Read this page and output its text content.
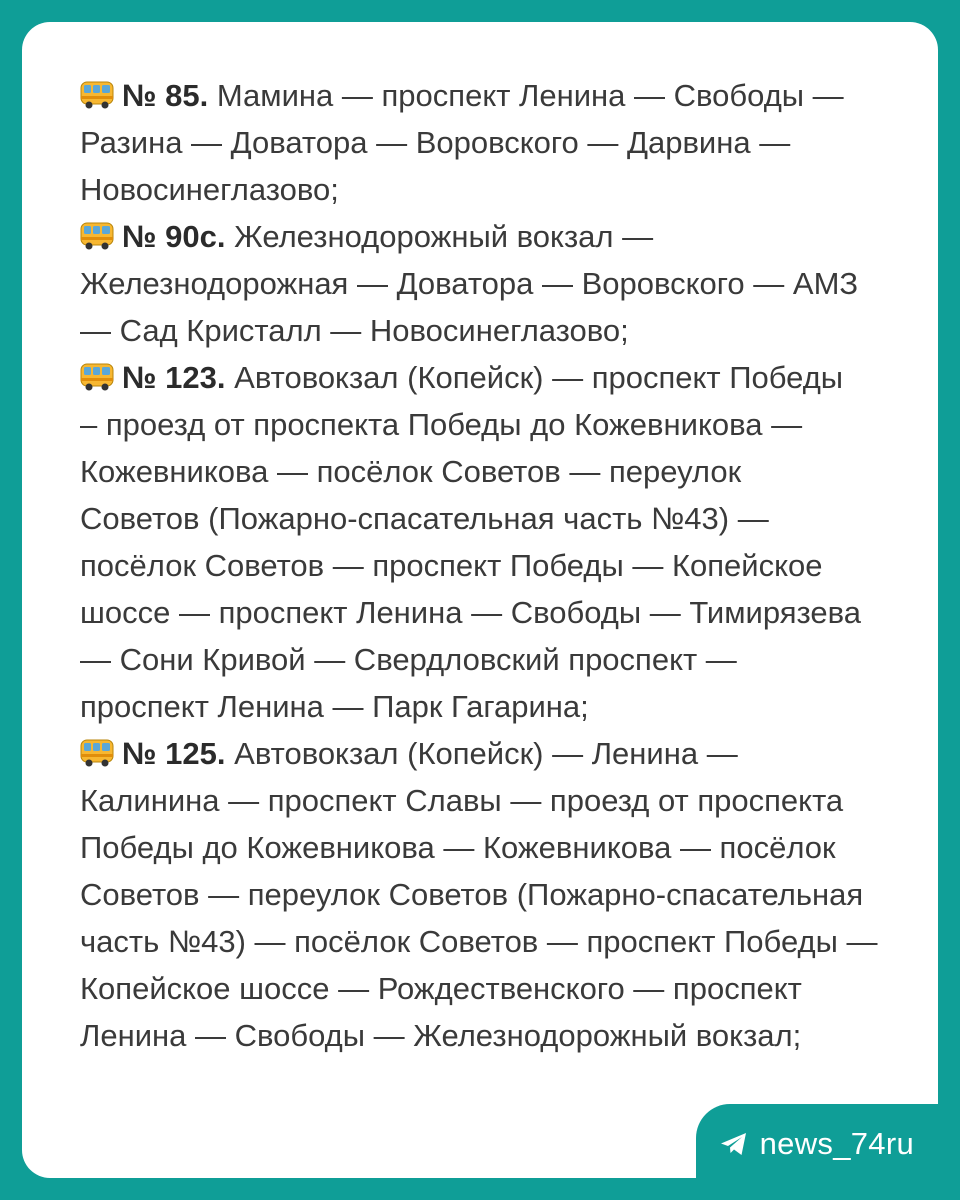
№ 85. Мамина — проспект Ленина — Свободы —
Разина — Доватора — Воровского — Дарвина —
Новосинеглазово;
№ 90с. Железнодорожный вокзал —
Железнодорожная — Доватора — Воровского — АМЗ
— Сад Кристалл — Новосинеглазово;
№ 123. Автовокзал (Копейск) — проспект Победы
– проезд от проспекта Победы до Кожевникова —
Кожевникова — посёлок Советов — переулок
Советов (Пожарно-спасательная часть №43) —
посёлок Советов — проспект Победы — Копейское
шоссе — проспект Ленина — Свободы — Тимирязева
— Сони Кривой — Свердловский проспект —
проспект Ленина — Парк Гагарина;
№ 125. Автовокзал (Копейск) — Ленина —
Калинина — проспект Славы — проезд от проспекта
Победы до Кожевникова — Кожевникова — посёлок
Советов — переулок Советов (Пожарно-спасательная
часть №43) — посёлок Советов — проспект Победы —
Копейское шоссе — Рождественского — проспект
Ленина — Свободы — Железнодорожный вокзал;
news_74ru
